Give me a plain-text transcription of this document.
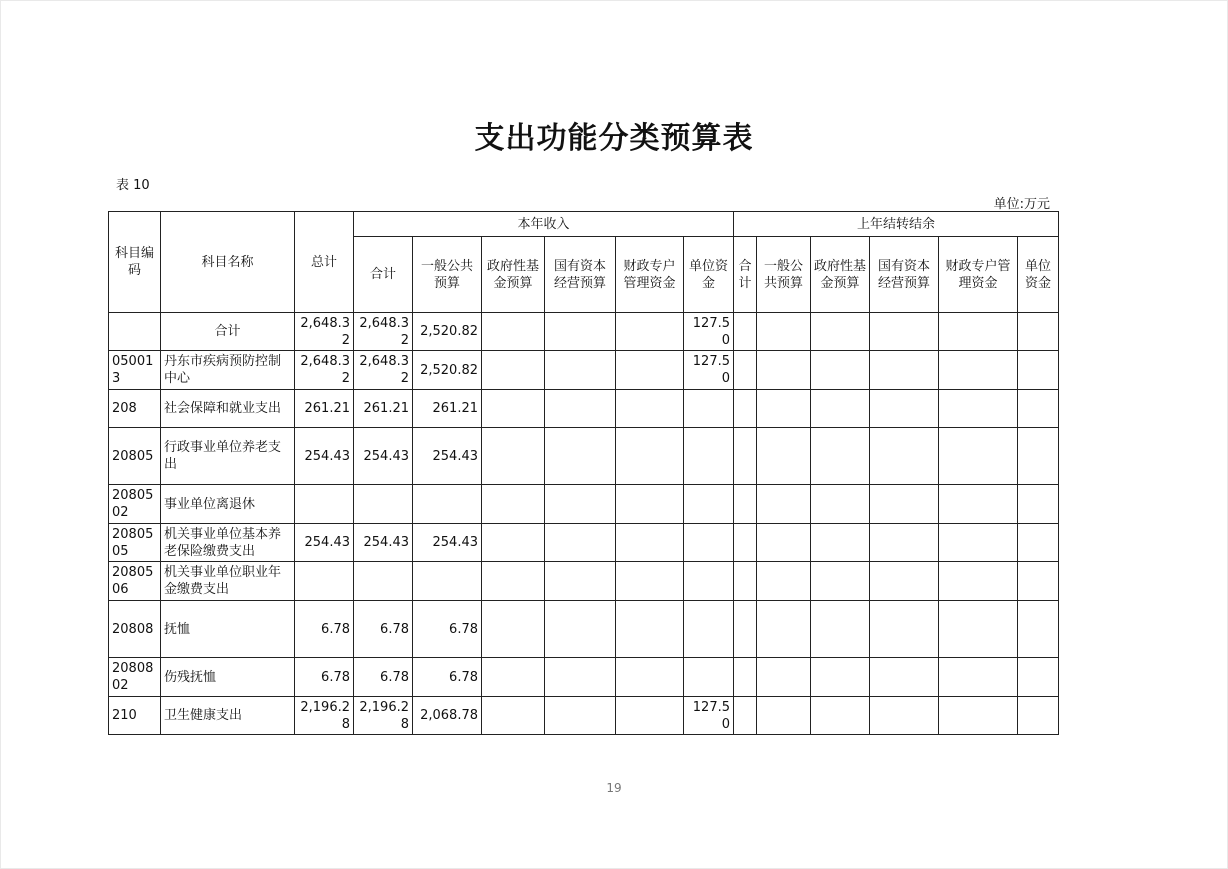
支出功能分类预算表
表 10
单位:万元
科目编码	科目名称	总计	本年收入						上年结转结余					
			合计	一般公共预算	政府性基金预算	国有资本经营预算	财政专户管理资金	单位资金	合计	一般公共预算	政府性基金预算	国有资本经营预算	财政专户管理资金	单位资金
	合计	2,648.32	2,648.32	2,520.82				127.50						
050013	丹东市疾病预防控制中心	2,648.32	2,648.32	2,520.82				127.50						
208	社会保障和就业支出	261.21	261.21	261.21										
20805	行政事业单位养老支出	254.43	254.43	254.43										
2080502	事业单位离退休													
2080505	机关事业单位基本养老保险缴费支出	254.43	254.43	254.43										
2080506	机关事业单位职业年金缴费支出													
20808	抚恤	6.78	6.78	6.78										
2080802	伤残抚恤	6.78	6.78	6.78										
210	卫生健康支出	2,196.28	2,196.28	2,068.78				127.50						
19
